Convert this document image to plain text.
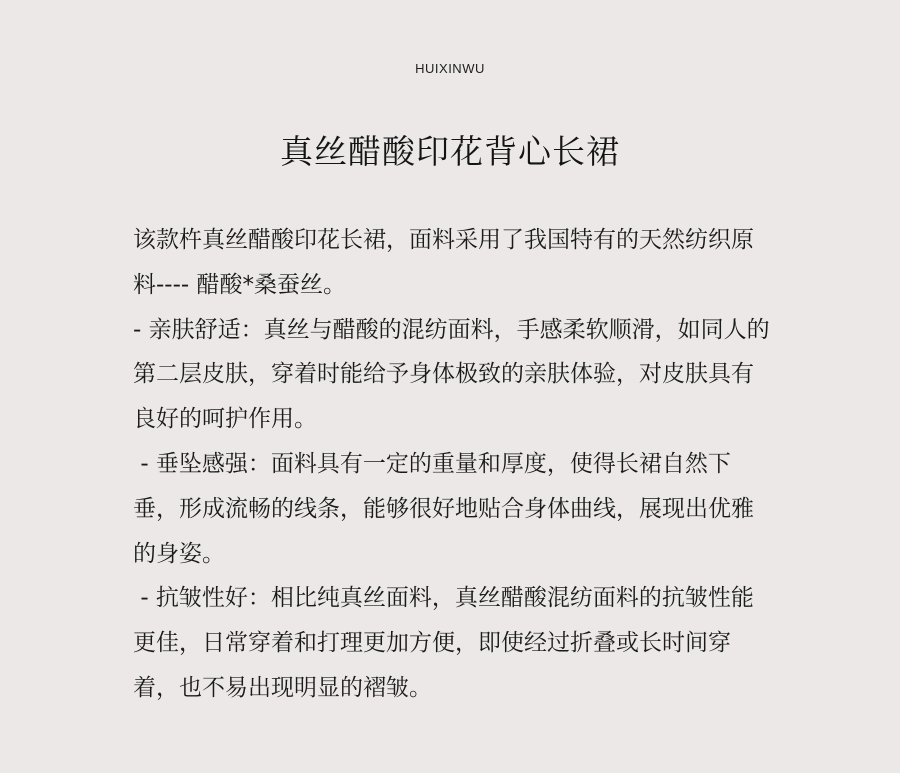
HUIXINWU
真丝醋酸印花背心长裙

该款杵真丝醋酸印花长裙，面料采用了我国特有的天然纺织原料---- 醋酸*桑蚕丝。

- 亲肤舒适：真丝与醋酸的混纺面料，手感柔软顺滑，如同人的第二层皮肤，穿着时能给予身体极致的亲肤体验，对皮肤具有良好的呵护作用。

- 垂坠感强：面料具有一定的重量和厚度，使得长裙自然下垂，形成流畅的线条，能够很好地贴合身体曲线，展现出优雅的身姿。

- 抗皱性好：相比纯真丝面料，真丝醋酸混纺面料的抗皱性能更佳，日常穿着和打理更加方便，即使经过折叠或长时间穿着，也不易出现明显的褶皱。
